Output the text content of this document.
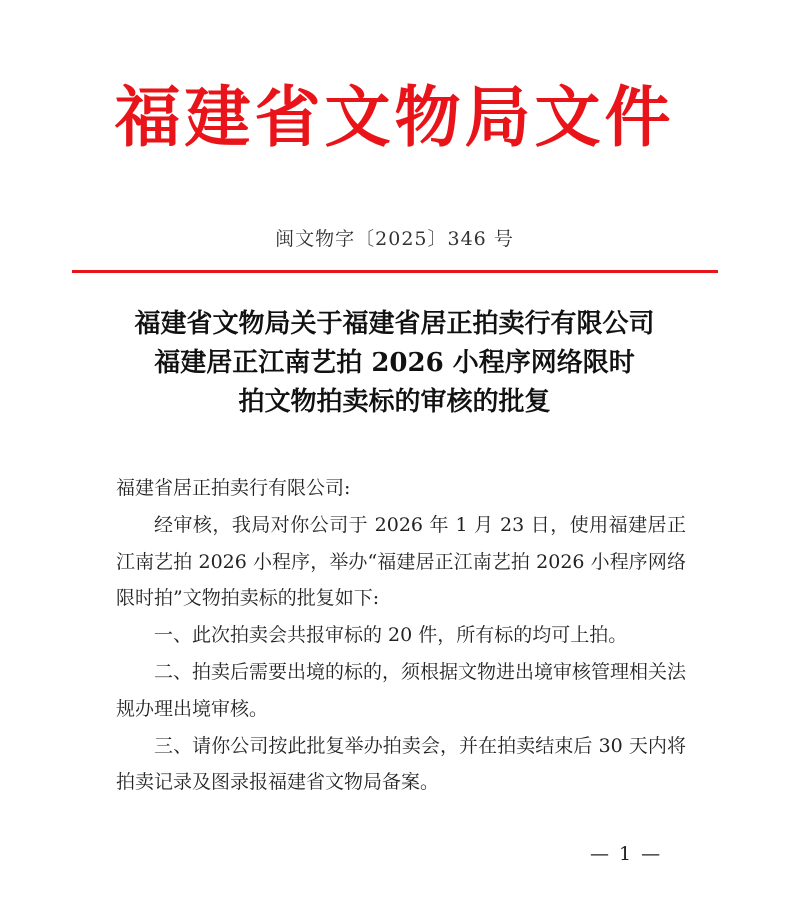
福建省文物局文件
闽文物字〔2025〕346 号
福建省文物局关于福建省居正拍卖行有限公司
福建居正江南艺拍 2026 小程序网络限时
拍文物拍卖标的审核的批复

福建省居正拍卖行有限公司:

经审核，我局对你公司于 2026 年 1 月 23 日，使用福建居正江南艺拍 2026 小程序，举办“福建居正江南艺拍 2026 小程序网络限时拍”文物拍卖标的批复如下:

一、此次拍卖会共报审标的 20 件，所有标的均可上拍。

二、拍卖后需要出境的标的，须根据文物进出境审核管理相关法规办理出境审核。

三、请你公司按此批复举办拍卖会，并在拍卖结束后 30 天内将拍卖记录及图录报福建省文物局备案。

— 1 —
